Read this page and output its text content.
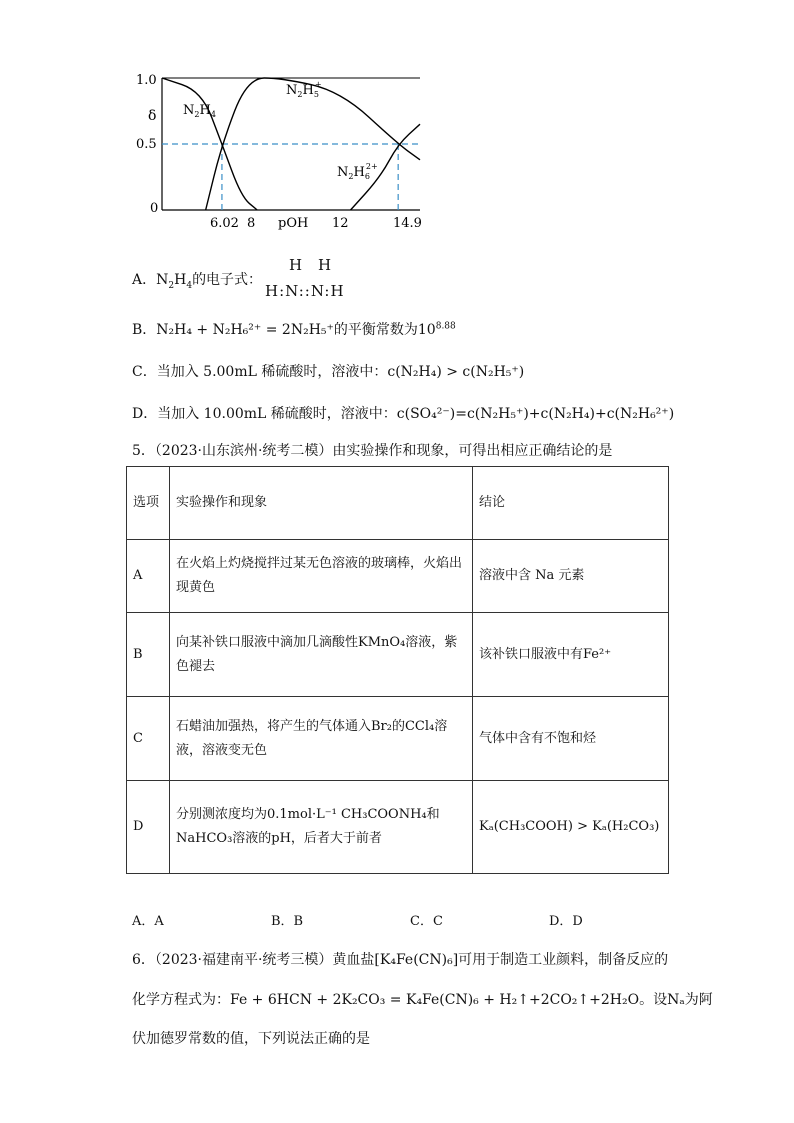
δ
1.0
0.5
0
6.02 8 pOH 12	14.9
$N_2H_4$
$N_2H_5+$
$N_2H_62+$
A．$N_2H_4$的电子式：
H H
H:N::N:H
B．N₂H₄ + N₂H₆²⁺ = 2N₂H₅⁺的平衡常数为$10^{8.88}$
C．当加入 5.00mL 稀硫酸时，溶液中：c(N₂H₄) > c(N₂H₅⁺)
D．当加入 10.00mL 稀硫酸时，溶液中：c(SO₄²⁻)=c(N₂H₅⁺)+c(N₂H₄)+c(N₂H₆²⁺)
5．（2023·山东滨州·统考二模）由实验操作和现象，可得出相应正确结论的是
选项	实验操作和现象	结论
A	在火焰上灼烧搅拌过某无色溶液的玻璃棒，火焰出现黄色	溶液中含 Na 元素
B	向某补铁口服液中滴加几滴酸性KMnO₄溶液，紫色褪去	该补铁口服液中有Fe²⁺
C	石蜡油加强热，将产生的气体通入Br₂的CCl₄溶液，溶液变无色	气体中含有不饱和烃
D	分别测浓度均为0.1mol·L⁻¹ CH₃COONH₄和NaHCO₃溶液的pH，后者大于前者	Kₐ(CH₃COOH) > Kₐ(H₂CO₃)
A．A	B．B	C．C	D．D
6．（2023·福建南平·统考三模）黄血盐[K₄Fe(CN)₆]可用于制造工业颜料，制备反应的
化学方程式为：Fe + 6HCN + 2K₂CO₃ = K₄Fe(CN)₆ + H₂↑+2CO₂↑+2H₂O。设Nₐ为阿
伏加德罗常数的值，下列说法正确的是
